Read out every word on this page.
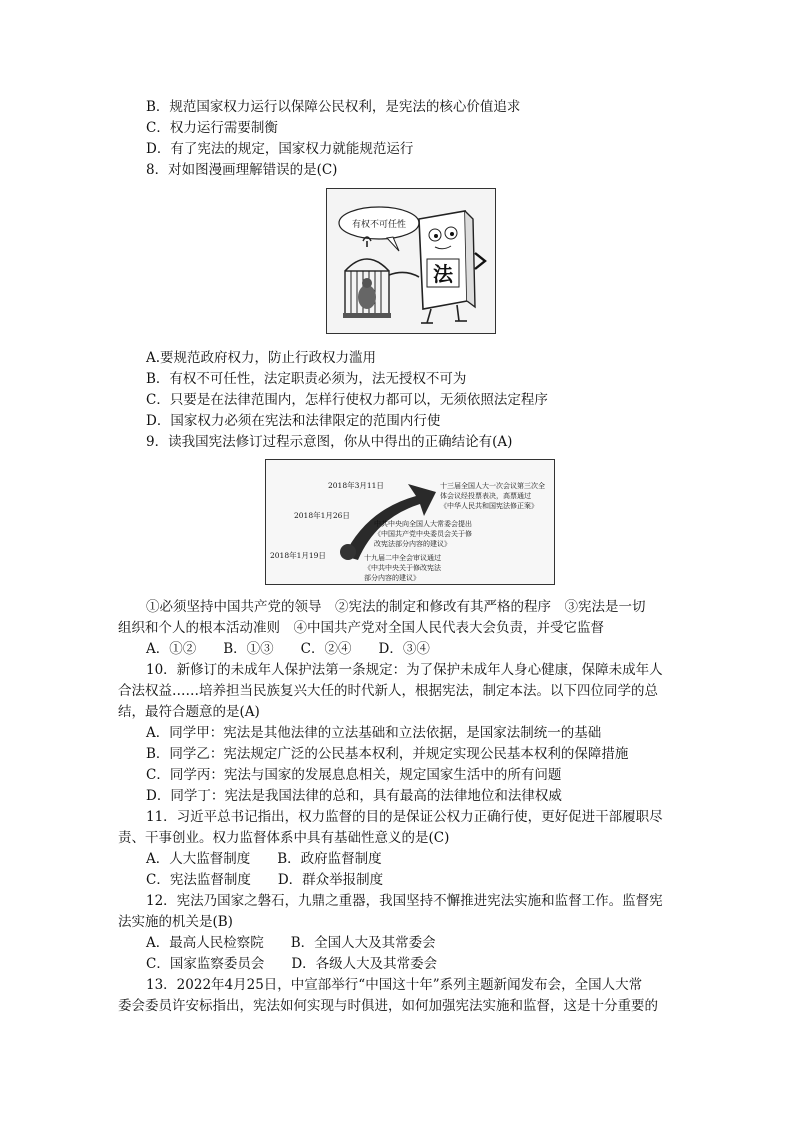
B．规范国家权力运行以保障公民权利，是宪法的核心价值追求
C．权力运行需要制衡
D．有了宪法的规定，国家权力就能规范运行
8．对如图漫画理解错误的是(C)
有权不可任性
法
A.要规范政府权力，防止行政权力滥用
B．有权不可任性，法定职责必须为，法无授权不可为
C．只要是在法律范围内，怎样行使权力都可以，无须依照法定程序
D．国家权力必须在宪法和法律限定的范围内行使
9．读我国宪法修订过程示意图，你从中得出的正确结论有(A)
2018年1月19日
2018年1月26日
2018年3月11日
十九届二中全会审议通过
《中共中央关于修改宪法
部分内容的建议》
中共中央向全国人大常委会提出
《中国共产党中央委员会关于修
改宪法部分内容的建议》
十三届全国人大一次会议第三次全
体会议经投票表决，高票通过
《中华人民共和国宪法修正案》
①必须坚持中国共产党的领导　②宪法的制定和修改有其严格的程序　③宪法是一切
组织和个人的根本活动准则　④中国共产党对全国人民代表大会负责，并受它监督
A．①②　　B．①③　　C．②④　　D．③④
10．新修订的未成年人保护法第一条规定：为了保护未成年人身心健康，保障未成年人
合法权益……培养担当民族复兴大任的时代新人，根据宪法，制定本法。以下四位同学的总
结，最符合题意的是(A)
A．同学甲：宪法是其他法律的立法基础和立法依据，是国家法制统一的基础
B．同学乙：宪法规定广泛的公民基本权利，并规定实现公民基本权利的保障措施
C．同学丙：宪法与国家的发展息息相关，规定国家生活中的所有问题
D．同学丁：宪法是我国法律的总和，具有最高的法律地位和法律权威
11．习近平总书记指出，权力监督的目的是保证公权力正确行使，更好促进干部履职尽
责、干事创业。权力监督体系中具有基础性意义的是(C)
A．人大监督制度　　B．政府监督制度
C．宪法监督制度　　D．群众举报制度
12．宪法乃国家之磐石，九鼎之重器，我国坚持不懈推进宪法实施和监督工作。监督宪
法实施的机关是(B)
A．最高人民检察院　　B．全国人大及其常委会
C．国家监察委员会　　D．各级人大及其常委会
13．2022年4月25日，中宣部举行“中国这十年”系列主题新闻发布会，全国人大常
委会委员许安标指出，宪法如何实现与时俱进，如何加强宪法实施和监督，这是十分重要的
